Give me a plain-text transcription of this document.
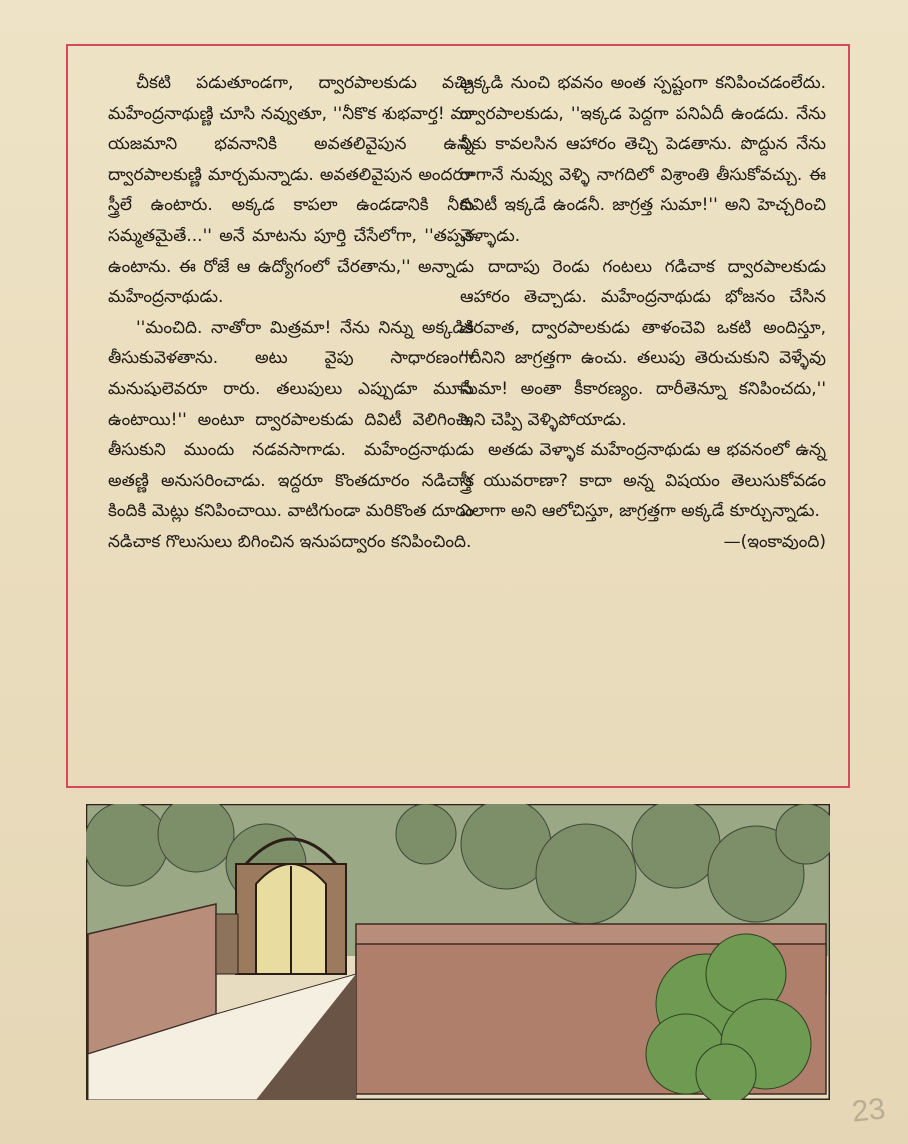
చీకటి పడుతూండగా, ద్వారపాలకుడు వచ్చి మహేంద్రనాథుణ్ణి చూసి నవ్వుతూ, ''నీకొక శుభవార్త! మా యజమాని భవనానికి అవతలివైపున ఉన్న ద్వారపాలకుణ్ణి మార్చమన్నాడు. అవతలివైపున అందరూ స్త్రీలే ఉంటారు. అక్కడ కాపలా ఉండడానికి నీకు సమ్మతమైతే...'' అనే మాటను పూర్తి చేసేలోగా, ''తప్పక ఉంటాను. ఈ రోజే ఆ ఉద్యోగంలో చేరతాను,'' అన్నాడు మహేంద్రనాథుడు.

''మంచిది. నాతోరా మిత్రమా! నేను నిన్ను అక్కడికి తీసుకువెళతాను. అటు వైపు సాధారణంగా మనుషులెవరూ రారు. తలుపులు ఎప్పుడూ మూసే ఉంటాయి!'' అంటూ ద్వారపాలకుడు దివిటీ వెలిగించి, తీసుకుని ముందు నడవసాగాడు. మహేంద్రనాథుడు అతణ్ణి అనుసరించాడు. ఇద్దరూ కొంతదూరం నడిచాక కిందికి మెట్లు కనిపించాయి. వాటిగుండా మరికొంత దూరం నడిచాక గొలుసులు బిగించిన ఇనుపద్వారం కనిపించింది.

అక్కడి నుంచి భవనం అంత స్పష్టంగా కనిపించడంలేదు. ద్వారపాలకుడు, ''ఇక్కడ పెద్దగా పనిఏదీ ఉండదు. నేను నీకు కావలసిన ఆహారం తెచ్చి పెడతాను. పొద్దున నేను రాగానే నువ్వు వెళ్ళి నాగదిలో విశ్రాంతి తీసుకోవచ్చు. ఈ దివిటీ ఇక్కడే ఉండనీ. జాగ్రత్త సుమా!'' అని హెచ్చరించి వెళ్ళాడు.

దాదాపు రెండు గంటలు గడిచాక ద్వారపాలకుడు ఆహారం తెచ్చాడు. మహేంద్రనాథుడు భోజనం చేసిన తరవాత, ద్వారపాలకుడు తాళంచెవి ఒకటి అందిస్తూ, ''దీనిని జాగ్రత్తగా ఉంచు. తలుపు తెరుచుకుని వెళ్ళేవు సుమా! అంతా కీకారణ్యం. దారీతెన్నూ కనిపించదు,'' అని చెప్పి వెళ్ళిపోయాడు.

అతడు వెళ్ళాక మహేంద్రనాథుడు ఆ భవనంలో ఉన్న స్త్రీ యువరాణా? కాదా అన్న విషయం తెలుసుకోవడం ఎలాగా అని ఆలోచిస్తూ, జాగ్రత్తగా అక్కడే కూర్చున్నాడు.

—(ఇంకావుంది)
23
